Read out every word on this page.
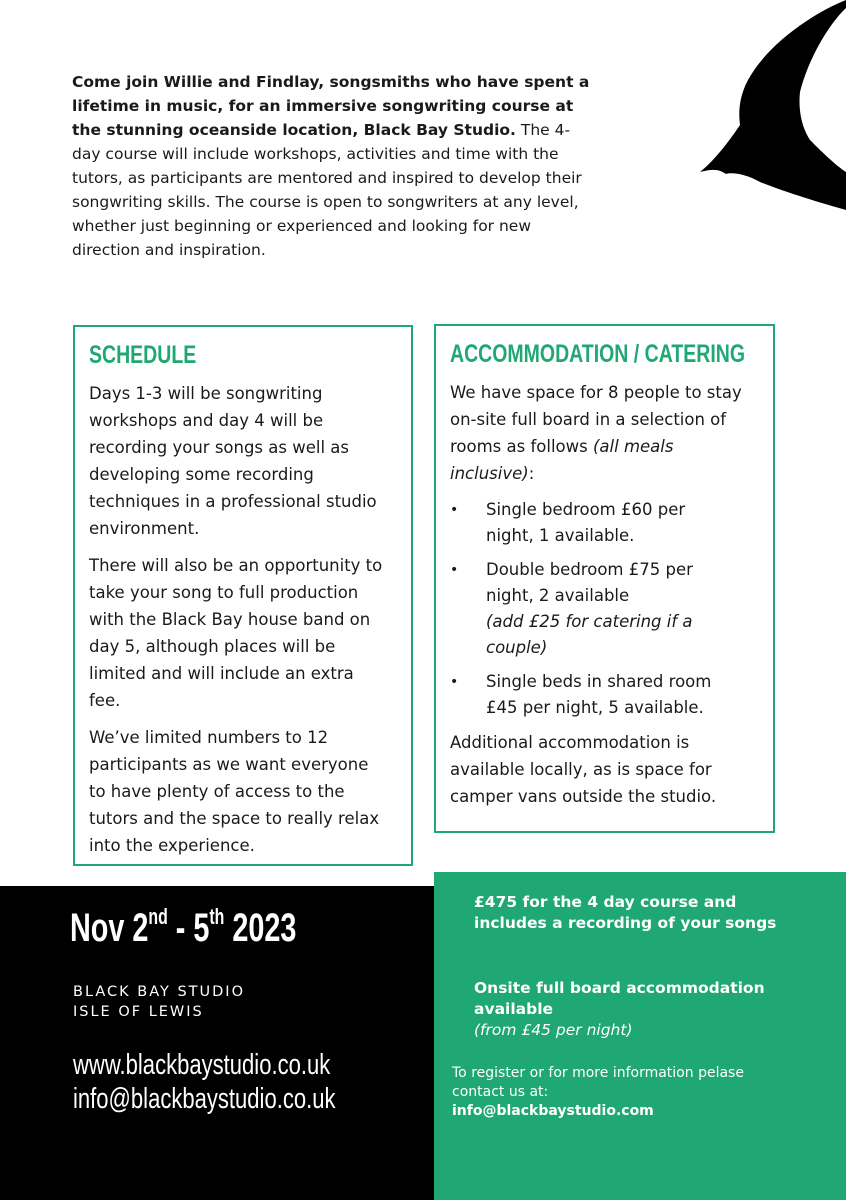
Come join Willie and Findlay, songsmiths who have spent a lifetime in music, for an immersive songwriting course at the stunning oceanside location, Black Bay Studio. The 4-day course will include workshops, activities and time with the tutors, as participants are mentored and inspired to develop their songwriting skills. The course is open to songwriters at any level, whether just beginning or experienced and looking for new direction and inspiration.

SCHEDULE

Days 1-3 will be songwriting workshops and day 4 will be recording your songs as well as developing some recording techniques in a professional studio environment.

There will also be an opportunity to take your song to full production with the Black Bay house band on day 5, although places will be limited and will include an extra fee.

We’ve limited numbers to 12 participants as we want everyone to have plenty of access to the tutors and the space to really relax into the experience.

ACCOMMODATION / CATERING

We have space for 8 people to stay on-site full board in a selection of rooms as follows (all meals inclusive):

• Single bedroom £60 per night, 1 available.
• Double bedroom £75 per night, 2 available
(add £25 for catering if a couple)
• Single beds in shared room £45 per night, 5 available.

Additional accommodation is available locally, as is space for camper vans outside the studio.

Nov 2nd - 5th 2023
BLACK BAY STUDIO
ISLE OF LEWIS
www.blackbaystudio.co.uk
info@blackbaystudio.co.uk
£475 for the 4 day course and includes a recording of your songs
Onsite full board accommodation available
(from £45 per night)
To register or for more information pelase contact us at:
info@blackbaystudio.com
